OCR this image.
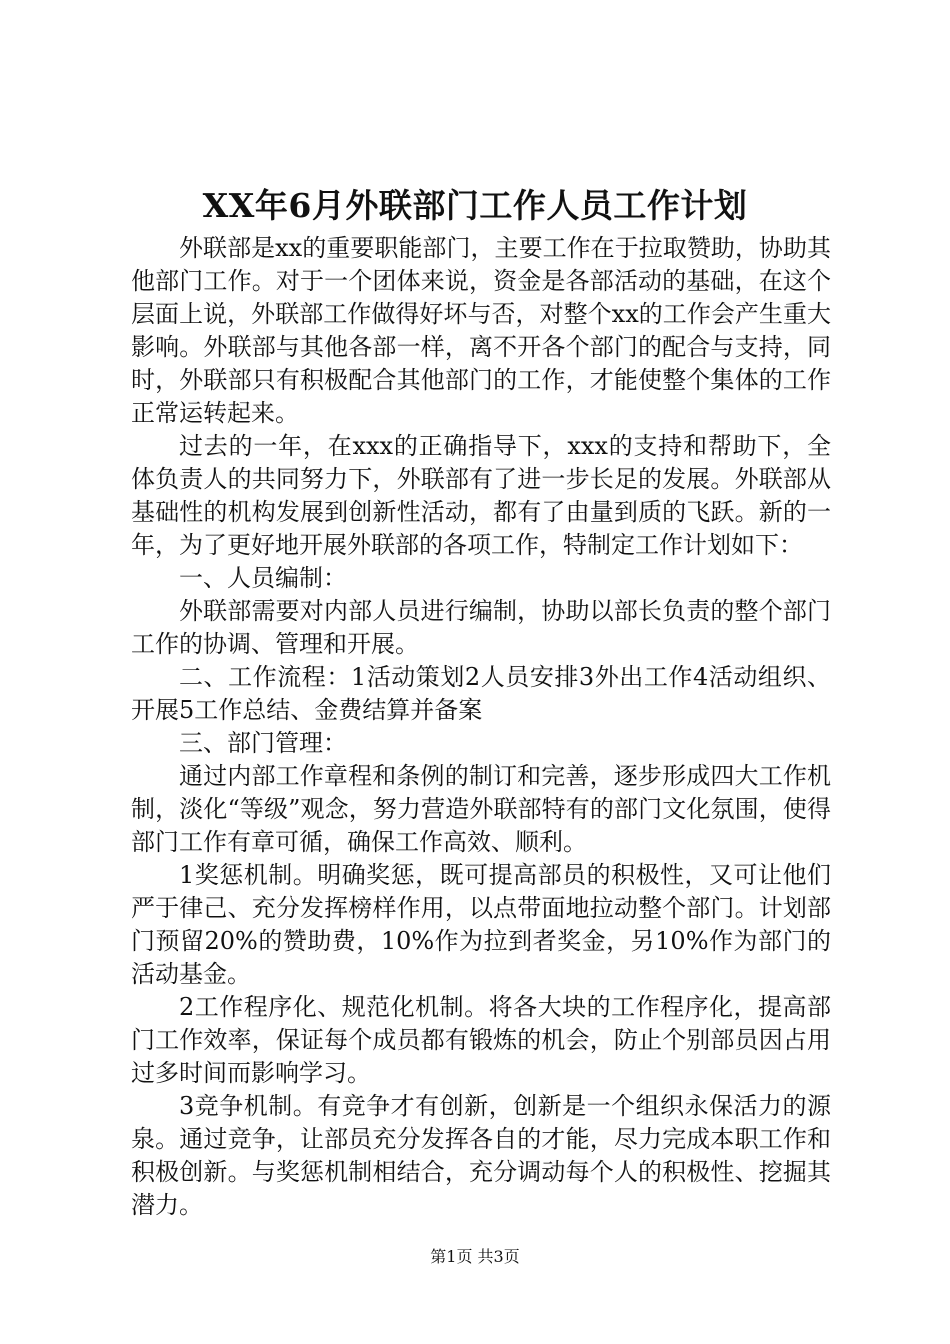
XX年6月外联部门工作人员工作计划

外联部是xx的重要职能部门，主要工作在于拉取赞助，协助其他部门工作。对于一个团体来说，资金是各部活动的基础，在这个层面上说，外联部工作做得好坏与否，对整个xx的工作会产生重大影响。外联部与其他各部一样，离不开各个部门的配合与支持，同时，外联部只有积极配合其他部门的工作，才能使整个集体的工作正常运转起来。

过去的一年，在xxx的正确指导下，xxx的支持和帮助下，全体负责人的共同努力下，外联部有了进一步长足的发展。外联部从基础性的机构发展到创新性活动，都有了由量到质的飞跃。新的一年，为了更好地开展外联部的各项工作，特制定工作计划如下：

一、人员编制：

外联部需要对内部人员进行编制，协助以部长负责的整个部门工作的协调、管理和开展。

二、工作流程：1活动策划2人员安排3外出工作4活动组织、开展5工作总结、金费结算并备案

三、部门管理：

通过内部工作章程和条例的制订和完善，逐步形成四大工作机制，淡化“等级”观念，努力营造外联部特有的部门文化氛围，使得部门工作有章可循，确保工作高效、顺利。

1奖惩机制。明确奖惩，既可提高部员的积极性，又可让他们严于律己、充分发挥榜样作用，以点带面地拉动整个部门。计划部门预留20%的赞助费，10%作为拉到者奖金，另10%作为部门的活动基金。

2工作程序化、规范化机制。将各大块的工作程序化，提高部门工作效率，保证每个成员都有锻炼的机会，防止个别部员因占用过多时间而影响学习。

3竞争机制。有竞争才有创新，创新是一个组织永保活力的源泉。通过竞争，让部员充分发挥各自的才能，尽力完成本职工作和积极创新。与奖惩机制相结合，充分调动每个人的积极性、挖掘其潜力。

第1页 共3页
